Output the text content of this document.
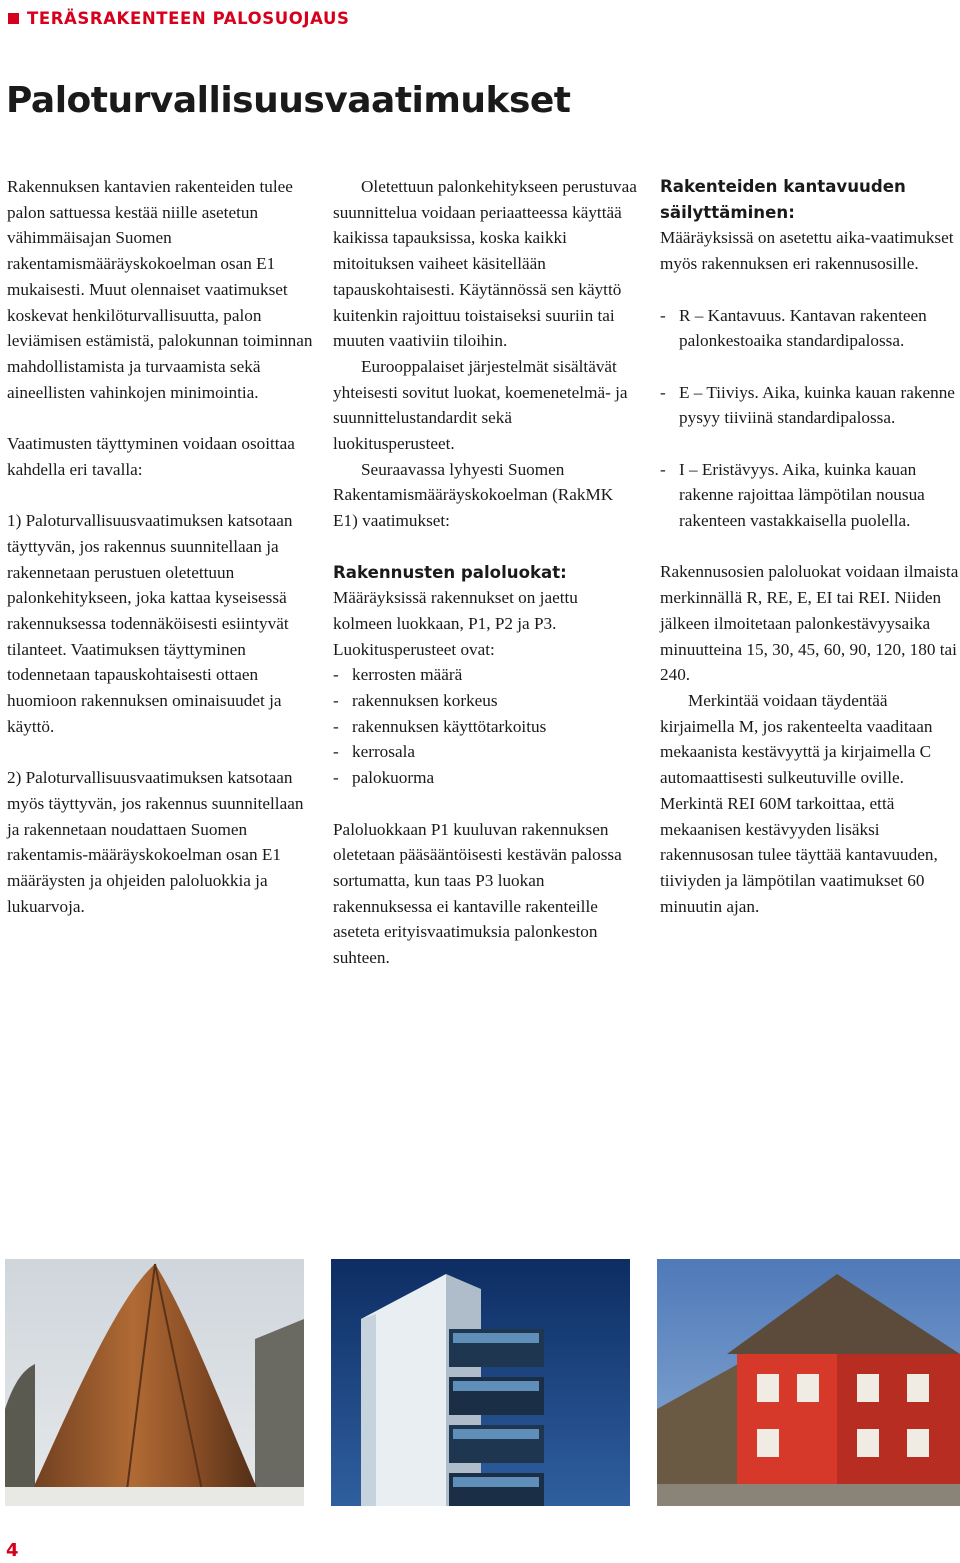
TERÄSRAKENTEEN PALOSUOJAUS
Paloturvallisuusvaatimukset

Rakennuksen kantavien rakenteiden tulee palon sattuessa kestää niille asetetun vähimmäisajan Suomen rakentamismääräyskokoelman osan E1 mukaisesti. Muut olennaiset vaatimukset koskevat henkilöturvallisuutta, palon leviämisen estämistä, palokunnan toiminnan mahdollistamista ja turvaamista sekä aineellisten vahinkojen minimointia.

Vaatimusten täyttyminen voidaan osoittaa kahdella eri tavalla:

1) Paloturvallisuusvaatimuksen katsotaan täyttyvän, jos rakennus suunnitellaan ja rakennetaan perustuen oletettuun palonkehitykseen, joka kattaa kyseisessä rakennuksessa todennäköisesti esiintyvät tilanteet. Vaatimuksen täyttyminen todennetaan tapauskohtaisesti ottaen huomioon rakennuksen ominaisuudet ja käyttö.

2) Paloturvallisuusvaatimuksen katsotaan myös täyttyvän, jos rakennus suunnitellaan ja rakennetaan noudattaen Suomen rakentamis-määräyskokoelman osan E1 määräysten ja ohjeiden paloluokkia ja lukuarvoja.

Oletettuun palonkehitykseen perustuvaa suunnittelua voidaan periaatteessa käyttää kaikissa tapauksissa, koska kaikki mitoituksen vaiheet käsitellään tapauskohtaisesti. Käytännössä sen käyttö kuitenkin rajoittuu toistaiseksi suuriin tai muuten vaativiin tiloihin.

Eurooppalaiset järjestelmät sisältävät yhteisesti sovitut luokat, koemenetelmä- ja suunnittelustandardit sekä luokitusperusteet.

Seuraavassa lyhyesti Suomen Rakentamismääräyskokoelman (RakMK E1) vaatimukset:

Rakennusten paloluokat:

Määräyksissä rakennukset on jaettu kolmeen luokkaan, P1, P2 ja P3.

Luokitusperusteet ovat:

- kerrosten määrä

- rakennuksen korkeus

- rakennuksen käyttötarkoitus

- kerrosala

- palokuorma

Paloluokkaan P1 kuuluvan rakennuksen oletetaan pääsääntöisesti kestävän palossa sortumatta, kun taas P3 luokan rakennuksessa ei kantaville rakenteille aseteta erityisvaatimuksia palonkeston suhteen.

Rakenteiden kantavuuden säilyttäminen:

Määräyksissä on asetettu aika-vaatimukset myös rakennuksen eri rakennusosille.

- R – Kantavuus. Kantavan rakenteen palonkestoaika standardipalossa.

- E – Tiiviys. Aika, kuinka kauan rakenne pysyy tiiviinä standardipalossa.

- I – Eristävyys. Aika, kuinka kauan rakenne rajoittaa lämpötilan nousua rakenteen vastakkaisella puolella.

Rakennusosien paloluokat voidaan ilmaista merkinnällä R, RE, E, EI tai REI. Niiden jälkeen ilmoitetaan palonkestävyysaika minuutteina 15, 30, 45, 60, 90, 120, 180 tai 240.

Merkintää voidaan täydentää kirjaimella M, jos rakenteelta vaaditaan mekaanista kestävyyttä ja kirjaimella C automaattisesti sulkeutuville oville. Merkintä REI 60M tarkoittaa, että mekaanisen kestävyyden lisäksi rakennusosan tulee täyttää kantavuuden, tiiviyden ja lämpötilan vaatimukset 60 minuutin ajan.

4
